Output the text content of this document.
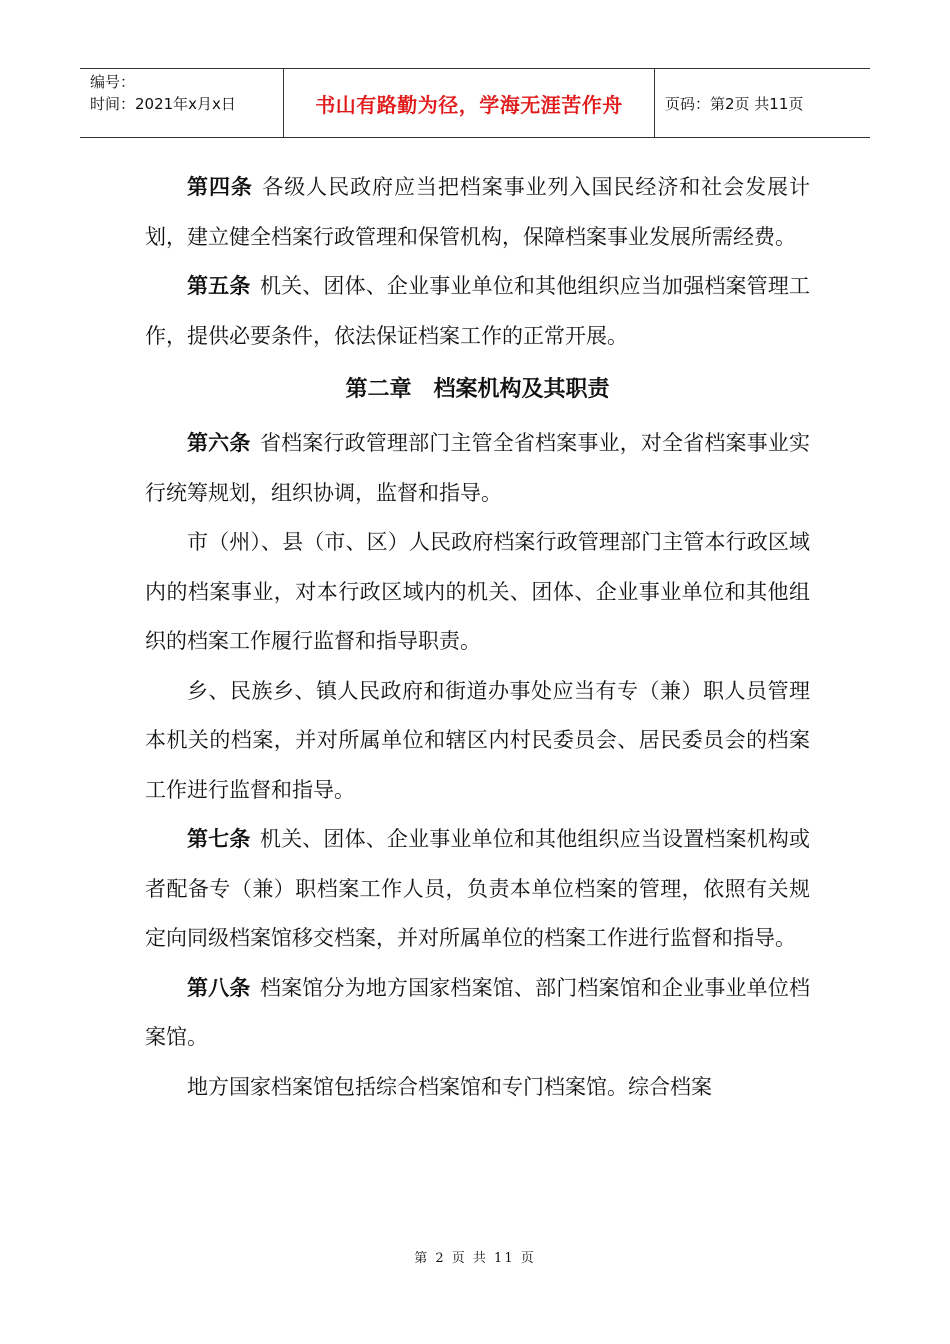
编号：
时间：2021年x月x日	书山有路勤为径，学海无涯苦作舟	页码：第2页 共11页

第四条 各级人民政府应当把档案事业列入国民经济和社会发展计划，建立健全档案行政管理和保管机构，保障档案事业发展所需经费。

第五条 机关、团体、企业事业单位和其他组织应当加强档案管理工作，提供必要条件，依法保证档案工作的正常开展。

第二章　档案机构及其职责

第六条 省档案行政管理部门主管全省档案事业，对全省档案事业实行统筹规划，组织协调，监督和指导。

市（州）、县（市、区）人民政府档案行政管理部门主管本行政区域内的档案事业，对本行政区域内的机关、团体、企业事业单位和其他组织的档案工作履行监督和指导职责。

乡、民族乡、镇人民政府和街道办事处应当有专（兼）职人员管理本机关的档案，并对所属单位和辖区内村民委员会、居民委员会的档案工作进行监督和指导。

第七条 机关、团体、企业事业单位和其他组织应当设置档案机构或者配备专（兼）职档案工作人员，负责本单位档案的管理，依照有关规定向同级档案馆移交档案，并对所属单位的档案工作进行监督和指导。

第八条 档案馆分为地方国家档案馆、部门档案馆和企业事业单位档案馆。

地方国家档案馆包括综合档案馆和专门档案馆。综合档案

第 2 页 共 11 页
